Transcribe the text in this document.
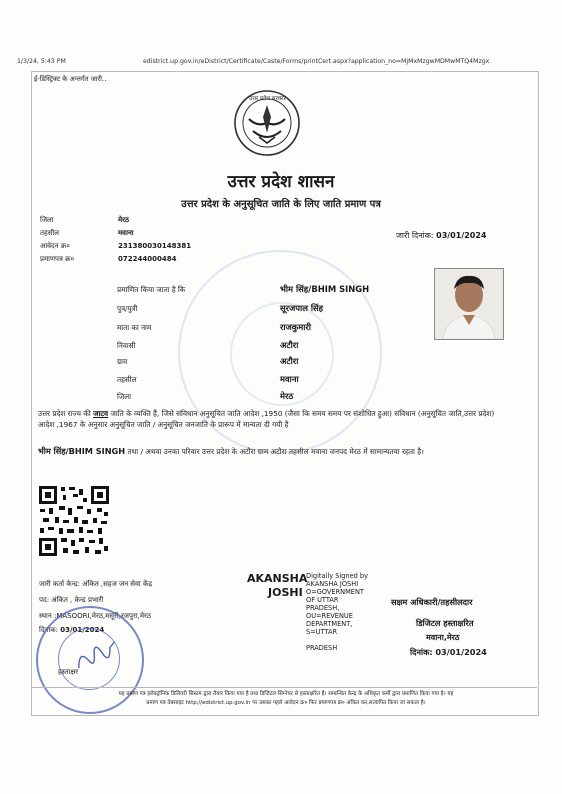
1/3/24, 5:43 PM	edistrict.up.gov.in/eDistrict/Certificate/Caste/Forms/printCert.aspx?application_no=MjMxMzgwMDMwMTQ4Mzgx
ई-डिस्ट्रिक्ट के अन्तर्गत जारी..
उत्तर प्रदेश सरकार
उत्तर प्रदेश शासन
उत्तर प्रदेश के अनुसूचित जाति के लिए जाति प्रमाण पत्र
जिला	मेरठ
तहसील	मवाना
आवेदन क्र०	231380030148381
प्रमाणपत्र क्र०	072244000484
जारी दिनांक: 03/01/2024
प्रमाणित किया जाता है कि	भीम सिंह/BHIM SINGH
पुत्र/पुत्री	सूरजपाल सिंह
माता का नाम	राजकुमारी
निवासी	अटौरा
ग्राम	अटौरा
तहसील	मवाना
जिला	मेरठ
उत्तर प्रदेश राज्य की जाटव जाति के व्यक्ति हैं, जिसे संविधान अनुसूचित जाति आदेश ,1950 (जैसा कि समय समय पर संशोधित हुआ) संविधान (अनुसूचित जाति,उत्तर प्रदेश) आदेश ,1967 के अनुसार अनुसूचित जाति / अनुसूचित जनजाति के प्रारूप में मान्यता दी गयी है
भीम सिंह/BHIM SINGH तथा / अथवा उनका परिवार उत्तर प्रदेश के अटौरा ग्राम अटौरा तहसील मवाना जनपद मेरठ में सामान्यतया रहता है।
जारी कर्ता केन्द्र: अंकित ,सहज जन सेवा केंद्र
पद: अंकित , केन्द्र प्रभारी
स्थान :MASOORI,मेरठ,मसूरी,रजपुरा,मेरठ
दिनांक: 03/01/2024
हस्ताक्षर
AKANSHA
JOSHI
Digitally Signed by
AKANSHA JOSHI
O=GOVERNMENT
OF UTTAR
PRADESH,
OU=REVENUE
DEPARTMENT,
S=UTTAR
PRADESH
सक्षम अधिकारी/तहसीलदार
डिजिटल हस्ताक्षरित
मवाना,मेरठ
दिनांक: 03/01/2024
यह प्रमाण पत्र इलेक्ट्रॉनिक डिलिवरी सिस्टम द्वारा तैयार किया गया है तथा डिजिटल सिग्नेचर से हस्ताक्षरित है। सम्बन्धित केन्द्र के अधिकृत कर्मी द्वारा प्रमाणित किया गया है। यह
प्रमाण पत्र वेबसाइट http://edistrict.up.gov.in पर उसका पहले आवेदन क्र० फिर प्रमाणपत्र क्र० अंकित कर,सत्यापित किया जा सकता है।
